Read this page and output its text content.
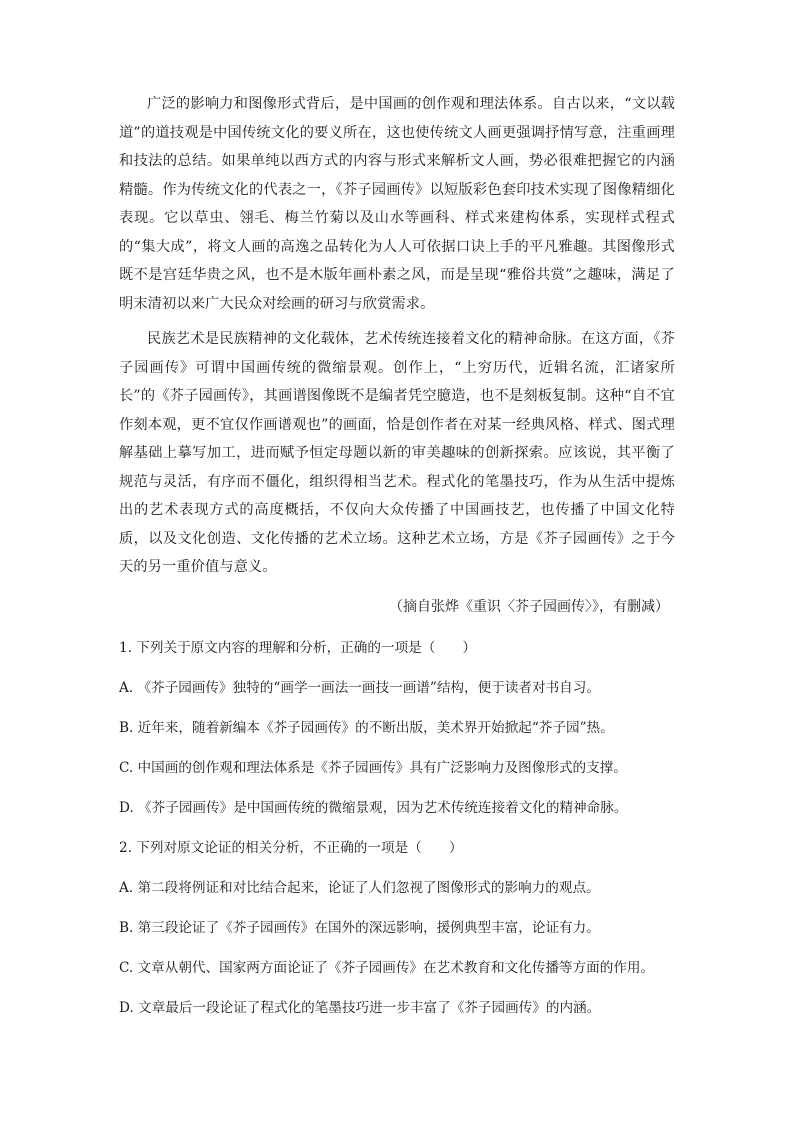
广泛的影响力和图像形式背后，是中国画的创作观和理法体系。自古以来，“文以载道”的道技观是中国传统文化的要义所在，这也使传统文人画更强调抒情写意，注重画理和技法的总结。如果单纯以西方式的内容与形式来解析文人画，势必很难把握它的内涵精髓。作为传统文化的代表之一，《芥子园画传》以短版彩色套印技术实现了图像精细化表现。它以草虫、翎毛、梅兰竹菊以及山水等画科、样式来建构体系，实现样式程式的“集大成”，将文人画的高逸之品转化为人人可依据口诀上手的平凡雅趣。其图像形式既不是宫廷华贵之风，也不是木版年画朴素之风，而是呈现“雅俗共赏”之趣味，满足了明末清初以来广大民众对绘画的研习与欣赏需求。

民族艺术是民族精神的文化载体，艺术传统连接着文化的精神命脉。在这方面，《芥子园画传》可谓中国画传统的微缩景观。创作上，“上穷历代，近辑名流，汇诸家所长”的《芥子园画传》，其画谱图像既不是编者凭空臆造，也不是刻板复制。这种“自不宜作刻本观，更不宜仅作画谱观也”的画面，恰是创作者在对某一经典风格、样式、图式理解基础上摹写加工，进而赋予恒定母题以新的审美趣味的创新探索。应该说，其平衡了规范与灵活，有序而不僵化，组织得相当艺术。程式化的笔墨技巧，作为从生活中提炼出的艺术表现方式的高度概括，不仅向大众传播了中国画技艺，也传播了中国文化特质，以及文化创造、文化传播的艺术立场。这种艺术立场，方是《芥子园画传》之于今天的另一重价值与意义。

（摘自张烨《重识〈芥子园画传〉》，有删减）

1. 下列关于原文内容的理解和分析，正确的一项是（　　）

A. 《芥子园画传》独特的“画学一画法一画技一画谱”结构，便于读者对书自习。

B. 近年来，随着新编本《芥子园画传》的不断出版，美术界开始掀起“芥子园”热。

C. 中国画的创作观和理法体系是《芥子园画传》具有广泛影响力及图像形式的支撑。

D. 《芥子园画传》是中国画传统的微缩景观，因为艺术传统连接着文化的精神命脉。

2. 下列对原文论证的相关分析，不正确的一项是（　　）

A. 第二段将例证和对比结合起来，论证了人们忽视了图像形式的影响力的观点。

B. 第三段论证了《芥子园画传》在国外的深远影响，援例典型丰富，论证有力。

C. 文章从朝代、国家两方面论证了《芥子园画传》在艺术教育和文化传播等方面的作用。

D. 文章最后一段论证了程式化的笔墨技巧进一步丰富了《芥子园画传》的内涵。
